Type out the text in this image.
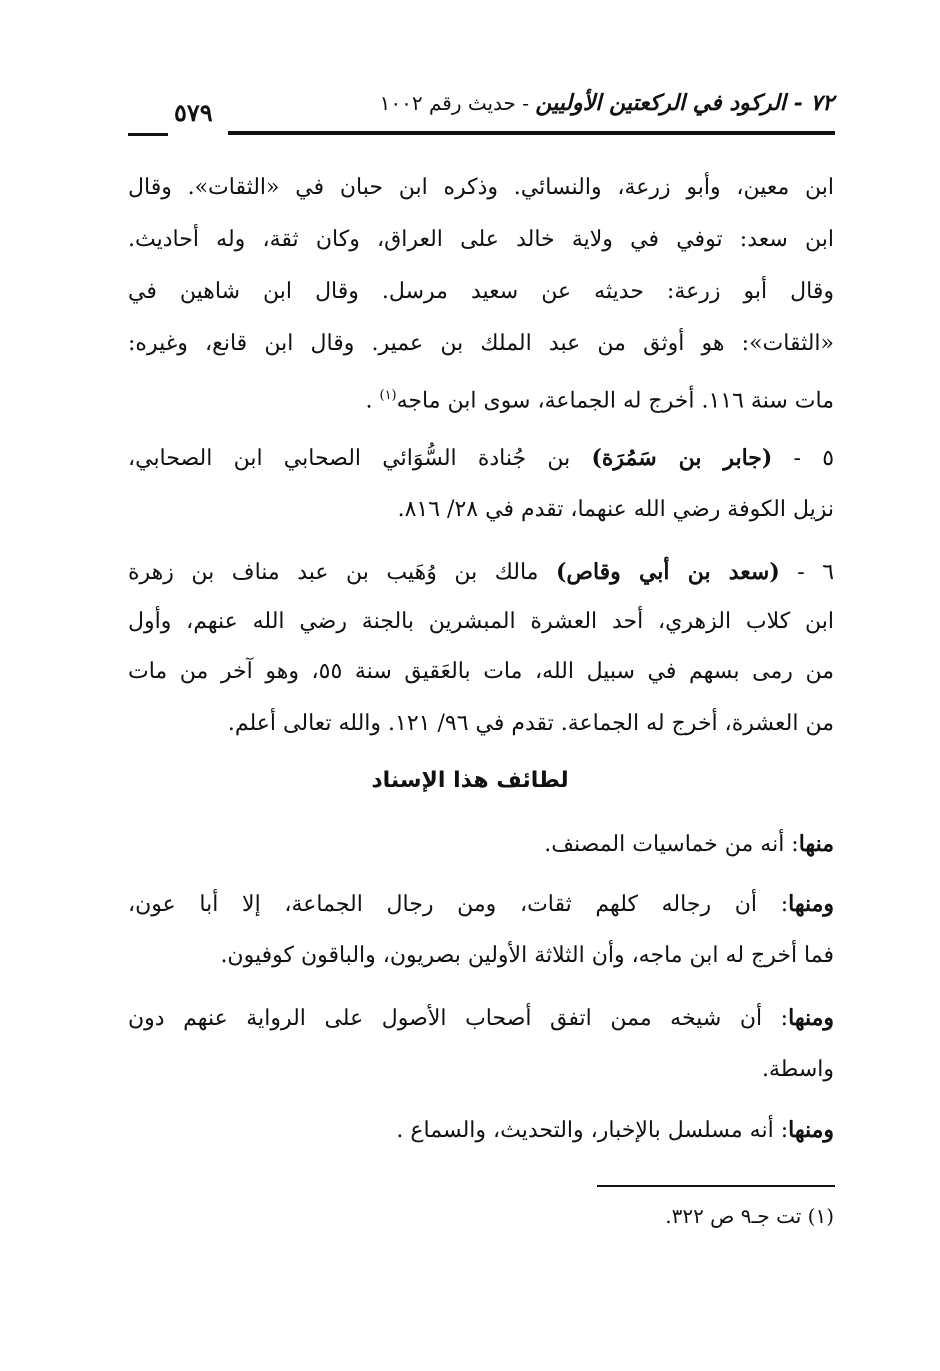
٧٢ - الركود في الركعتين الأوليين - حديث رقم ١٠٠٢
٥٧٩
ابن معين، وأبو زرعة، والنسائي. وذكره ابن حبان في «الثقات». وقال
ابن سعد: توفي في ولاية خالد على العراق، وكان ثقة، وله أحاديث.
وقال أبو زرعة: حديثه عن سعيد مرسل. وقال ابن شاهين في
«الثقات»: هو أوثق من عبد الملك بن عمير. وقال ابن قانع، وغيره:
مات سنة ١١٦. أخرج له الجماعة، سوى ابن ماجه$^{(١)}$ .
٥ - (جابر بن سَمُرَة) بن جُنادة السُّوَائي الصحابي ابن الصحابي،
نزيل الكوفة رضي الله عنهما، تقدم في ٢٨/ ٨١٦.
٦ - (سعد بن أبي وقاص) مالك بن وُهَيب بن عبد مناف بن زهرة
ابن كلاب الزهري، أحد العشرة المبشرين بالجنة رضي الله عنهم، وأول
من رمى بسهم في سبيل الله، مات بالعَقيق سنة ٥٥، وهو آخر من مات
من العشرة، أخرج له الجماعة. تقدم في ٩٦/ ١٢١. والله تعالى أعلم.
لطائف هذا الإسناد
منها: أنه من خماسيات المصنف.
ومنها: أن رجاله كلهم ثقات، ومن رجال الجماعة، إلا أبا عون،
فما أخرج له ابن ماجه، وأن الثلاثة الأولين بصريون، والباقون كوفيون.
ومنها: أن شيخه ممن اتفق أصحاب الأصول على الرواية عنهم دون
واسطة.
ومنها: أنه مسلسل بالإخبار، والتحديث، والسماع .
(١) تت جـ٩ ص ٣٢٢.
